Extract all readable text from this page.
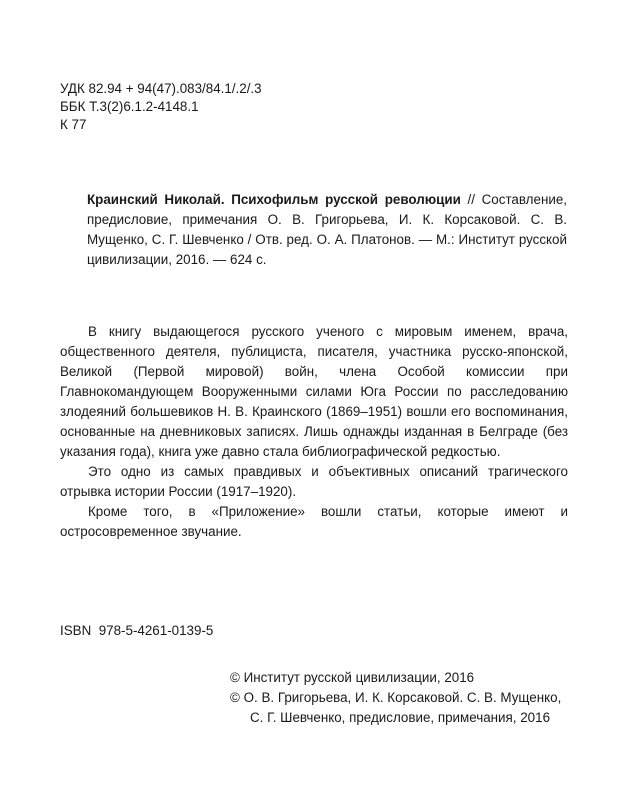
УДК 82.94 + 94(47).083/84.1/.2/.3
ББК Т.3(2)6.1.2-4148.1
К 77
Краинский Николай. Психофильм русской революции // Составление, предисловие, примечания О. В. Григорьева, И. К. Корсаковой. С. В. Мущенко, С. Г. Шевченко / Отв. ред. О. А. Платонов. — М.: Институт русской цивилизации, 2016. — 624 с.

В книгу выдающегося русского ученого с мировым именем, врача, общественного деятеля, публициста, писателя, участника русско-японской, Великой (Первой мировой) войн, члена Особой комиссии при Главнокомандующем Вооруженными силами Юга России по расследованию злодеяний большевиков Н. В. Краинского (1869–1951) вошли его воспоминания, основанные на дневниковых записях. Лишь однажды изданная в Белграде (без указания года), книга уже давно стала библиографической редкостью.

Это одно из самых правдивых и объективных описаний трагического отрывка истории России (1917–1920).

Кроме того, в «Приложение» вошли статьи, которые имеют и остросовременное звучание.

ISBN  978-5-4261-0139-5
© Институт русской цивилизации, 2016
© О. В. Григорьева, И. К. Корсаковой. С. В. Мущенко,
С. Г. Шевченко, предисловие, примечания, 2016
